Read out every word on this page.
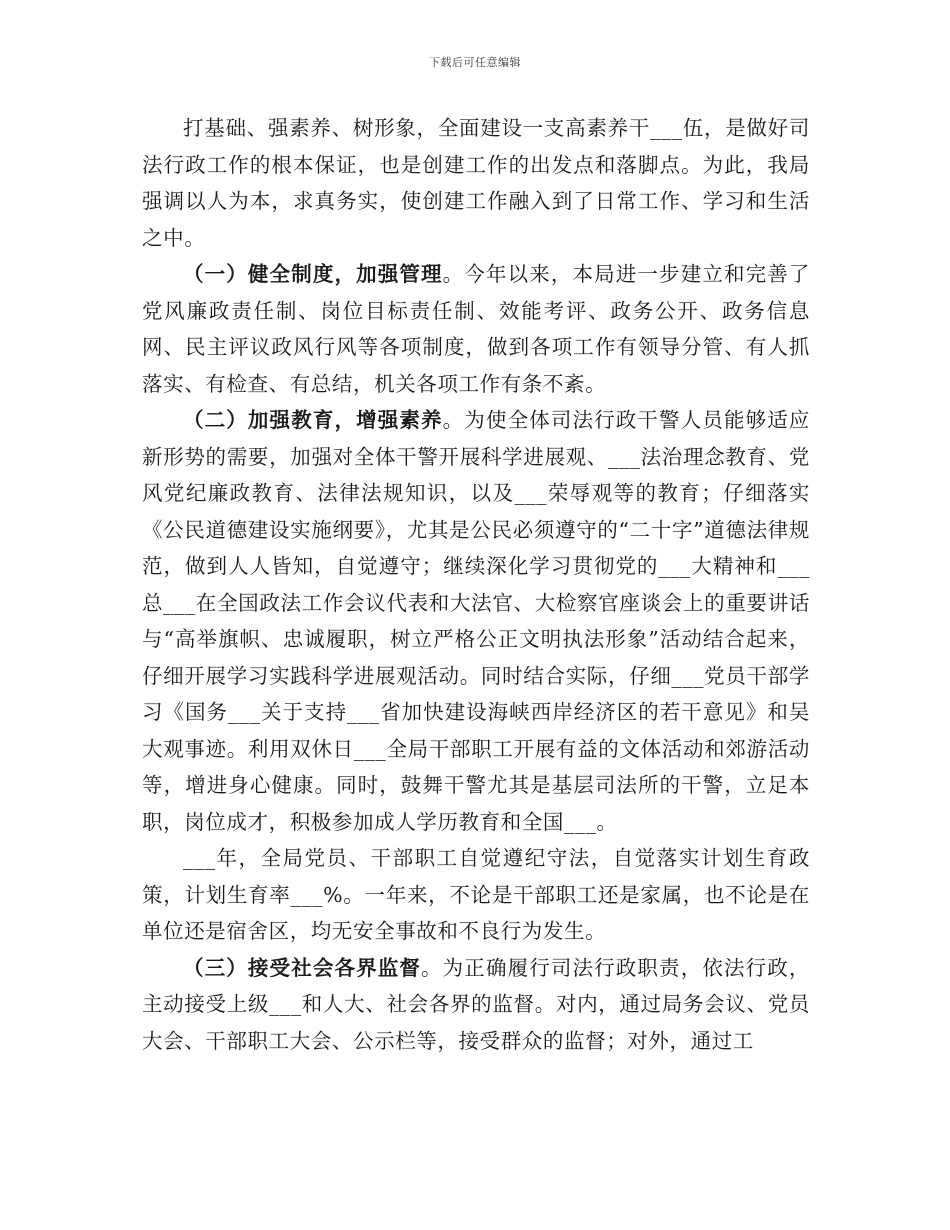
下载后可任意编辑

打基础、强素养、树形象，全面建设一支高素养干___伍，是做好司法行政工作的根本保证，也是创建工作的出发点和落脚点。为此，我局强调以人为本，求真务实，使创建工作融入到了日常工作、学习和生活之中。

（一）健全制度，加强管理。今年以来，本局进一步建立和完善了党风廉政责任制、岗位目标责任制、效能考评、政务公开、政务信息网、民主评议政风行风等各项制度，做到各项工作有领导分管、有人抓落实、有检查、有总结，机关各项工作有条不紊。

（二）加强教育，增强素养。为使全体司法行政干警人员能够适应新形势的需要，加强对全体干警开展科学进展观、___法治理念教育、党风党纪廉政教育、法律法规知识，以及___荣辱观等的教育；仔细落实《公民道德建设实施纲要》，尤其是公民必须遵守的“二十字”道德法律规范，做到人人皆知，自觉遵守；继续深化学习贯彻党的___大精神和___总___在全国政法工作会议代表和大法官、大检察官座谈会上的重要讲话与“高举旗帜、忠诚履职，树立严格公正文明执法形象”活动结合起来，仔细开展学习实践科学进展观活动。同时结合实际，仔细___党员干部学习《国务___关于支持___省加快建设海峡西岸经济区的若干意见》和吴大观事迹。利用双休日___全局干部职工开展有益的文体活动和郊游活动等，增进身心健康。同时，鼓舞干警尤其是基层司法所的干警，立足本职，岗位成才，积极参加成人学历教育和全国___。

___年，全局党员、干部职工自觉遵纪守法，自觉落实计划生育政策，计划生育率___%。一年来，不论是干部职工还是家属，也不论是在单位还是宿舍区，均无安全事故和不良行为发生。

（三）接受社会各界监督。为正确履行司法行政职责，依法行政，主动接受上级___和人大、社会各界的监督。对内，通过局务会议、党员大会、干部职工大会、公示栏等，接受群众的监督；对外，通过工
